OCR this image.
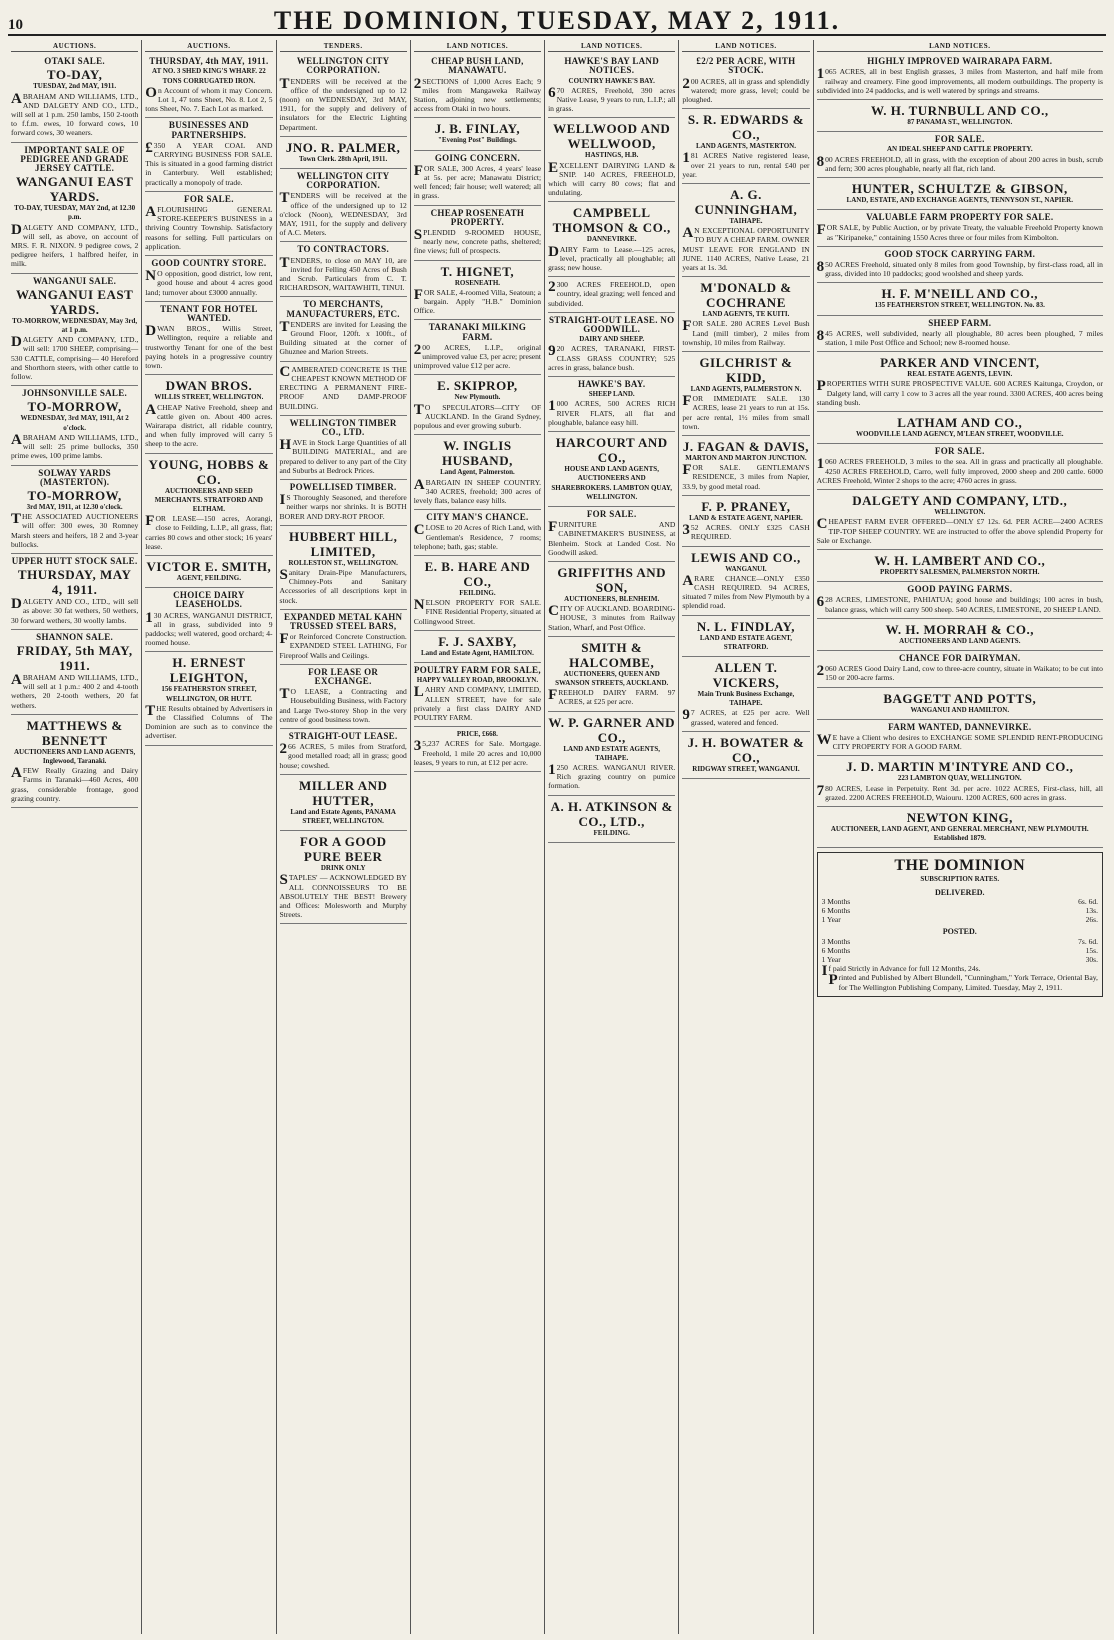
10	THE DOMINION, TUESDAY, MAY 2, 1911.
AUCTIONS.
OTAKI SALE.
TO-DAY,
TUESDAY, 2nd MAY, 1911.
ABRAHAM AND WILLIAMS, LTD., AND DALGETY AND CO., LTD., will sell at 1 p.m. 250 lambs, 150 2-tooth to f.f.m. ewes, 10 forward cows, 10 forward cows, 30 weaners.
IMPORTANT SALE OF PEDIGREE AND GRADE JERSEY CATTLE.
WANGANUI EAST YARDS.
TO-DAY, TUESDAY, MAY 2nd, at 12.30 p.m.
DALGETY AND COMPANY, LTD., will sell, as above, on account of MRS. F. R. NIXON. 9 pedigree cows, 2 pedigree heifers, 1 halfbred heifer, in milk.
WANGANUI SALE.
WANGANUI EAST YARDS.
TO-MORROW, WEDNESDAY, May 3rd, at 1 p.m.
DALGETY AND COMPANY, LTD., will sell: 1700 SHEEP, comprising— 530 CATTLE, comprising— 40 Hereford and Shorthorn steers, with other cattle to follow.
JOHNSONVILLE SALE.
TO-MORROW,
WEDNESDAY, 3rd MAY, 1911, At 2 o'clock.
ABRAHAM AND WILLIAMS, LTD., will sell: 25 prime bullocks, 350 prime ewes, 100 prime lambs.
SOLWAY YARDS (MASTERTON).
TO-MORROW,
3rd MAY, 1911, at 12.30 o'clock.
THE ASSOCIATED AUCTIONEERS will offer: 300 ewes, 30 Romney Marsh steers and heifers, 18 2 and 3-year bullocks.
UPPER HUTT STOCK SALE.
THURSDAY, MAY 4, 1911.
DALGETY AND CO., LTD., will sell as above: 30 fat wethers, 50 wethers, 30 forward wethers, 30 woolly lambs.
SHANNON SALE.
FRIDAY, 5th MAY, 1911.
ABRAHAM AND WILLIAMS, LTD., will sell at 1 p.m.: 400 2 and 4-tooth wethers, 20 2-tooth wethers, 20 fat wethers.
MATTHEWS & BENNETT
AUCTIONEERS AND LAND AGENTS, Inglewood, Taranaki.
AFEW Really Grazing and Dairy Farms in Taranaki—460 Acres, 400 grass, considerable frontage, good grazing country.
AUCTIONS.
THURSDAY, 4th MAY, 1911.
AT NO. 3 SHED KING'S WHARF. 22 TONS CORRUGATED IRON.
On Account of whom it may Concern. Lot 1, 47 tons Sheet, No. 8. Lot 2, 5 tons Sheet, No. 7. Each Lot as marked.
BUSINESSES AND PARTNERSHIPS.
£350 A YEAR COAL AND CARRYING BUSINESS FOR SALE. This is situated in a good farming district in Canterbury. Well established; practically a monopoly of trade.
FOR SALE.
AFLOURISHING GENERAL STORE-KEEPER'S BUSINESS in a thriving Country Township. Satisfactory reasons for selling. Full particulars on application.
GOOD COUNTRY STORE.
NO opposition, good district, low rent, good house and about 4 acres good land; turnover about £3000 annually.
TENANT FOR HOTEL WANTED.
DWAN BROS., Willis Street, Wellington, require a reliable and trustworthy Tenant for one of the best paying hotels in a progressive country town.
DWAN BROS.
WILLIS STREET, WELLINGTON.
ACHEAP Native Freehold, sheep and cattle given on. About 400 acres. Wairarapa district, all ridable country, and when fully improved will carry 5 sheep to the acre.
YOUNG, HOBBS & CO.
AUCTIONEERS AND SEED MERCHANTS. STRATFORD AND ELTHAM.
FOR LEASE—150 acres, Aorangi, close to Feilding, L.I.P., all grass, flat; carries 80 cows and other stock; 16 years' lease.
VICTOR E. SMITH,
AGENT, FEILDING.
CHOICE DAIRY LEASEHOLDS.
130 ACRES, WANGANUI DISTRICT, all in grass, subdivided into 9 paddocks; well watered, good orchard; 4-roomed house.
H. ERNEST LEIGHTON,
156 FEATHERSTON STREET, WELLINGTON, OR HUTT.
THE Results obtained by Advertisers in the Classified Columns of The Dominion are such as to convince the advertiser.
TENDERS.
WELLINGTON CITY CORPORATION.
TENDERS will be received at the office of the undersigned up to 12 (noon) on WEDNESDAY, 3rd MAY, 1911, for the supply and delivery of insulators for the Electric Lighting Department.
JNO. R. PALMER,
Town Clerk. 28th April, 1911.
WELLINGTON CITY CORPORATION.
TENDERS will be received at the office of the undersigned up to 12 o'clock (Noon), WEDNESDAY, 3rd MAY, 1911, for the supply and delivery of A.C. Meters.
TO CONTRACTORS.
TENDERS, to close on MAY 10, are invited for Felling 450 Acres of Bush and Scrub. Particulars from C. T. RICHARDSON, WAITAWHITI, TINUI.
TO MERCHANTS, MANUFACTURERS, ETC.
TENDERS are invited for Leasing the Ground Floor, 120ft. x 100ft., of Building situated at the corner of Ghuznee and Marion Streets.
CAMBERATED CONCRETE IS THE CHEAPEST KNOWN METHOD OF ERECTING A PERMANENT FIRE-PROOF AND DAMP-PROOF BUILDING.
WELLINGTON TIMBER CO., LTD.
HAVE in Stock Large Quantities of all BUILDING MATERIAL, and are prepared to deliver to any part of the City and Suburbs at Bedrock Prices.
POWELLISED TIMBER.
IS Thoroughly Seasoned, and therefore neither warps nor shrinks. It is BOTH BORER AND DRY-ROT PROOF.
HUBBERT HILL, LIMITED,
ROLLESTON ST., WELLINGTON.
Sanitary Drain-Pipe Manufacturers, Chimney-Pots and Sanitary Accessories of all descriptions kept in stock.
EXPANDED METAL KAHN TRUSSED STEEL BARS,
For Reinforced Concrete Construction. EXPANDED STEEL LATHING, For Fireproof Walls and Ceilings.
FOR LEASE OR EXCHANGE.
TO LEASE, a Contracting and Housebuilding Business, with Factory and Large Two-storey Shop in the very centre of good business town.
STRAIGHT-OUT LEASE.
266 ACRES, 5 miles from Stratford, good metalled road; all in grass; good house; cowshed.
MILLER AND HUTTER,
Land and Estate Agents, PANAMA STREET, WELLINGTON.
FOR A GOOD PURE BEER
DRINK ONLY
STAPLES' — ACKNOWLEDGED BY ALL CONNOISSEURS TO BE ABSOLUTELY THE BEST! Brewery and Offices: Molesworth and Murphy Streets.
LAND NOTICES.
CHEAP BUSH LAND, MANAWATU.
2SECTIONS of 1,000 Acres Each; 9 miles from Mangaweka Railway Station, adjoining new settlements; access from Otaki in two hours.
J. B. FINLAY,
"Evening Post" Buildings.
GOING CONCERN.
FOR SALE, 300 Acres, 4 years' lease at 5s. per acre; Manawatu District; well fenced; fair house; well watered; all in grass.
CHEAP ROSENEATH PROPERTY.
SPLENDID 9-ROOMED HOUSE, nearly new, concrete paths, sheltered; fine views; full of prospects.
T. HIGNET,
ROSENEATH.
FOR SALE, 4-roomed Villa, Seatoun; a bargain. Apply "H.B." Dominion Office.
TARANAKI MILKING FARM.
200 ACRES, L.I.P., original unimproved value £3, per acre; present unimproved value £12 per acre.
E. SKIPROP,
New Plymouth.
TO SPECULATORS—CITY OF AUCKLAND. In the Grand Sydney, populous and ever growing suburb.
W. INGLIS HUSBAND,
Land Agent, Palmerston.
ABARGAIN IN SHEEP COUNTRY. 340 ACRES, freehold; 300 acres of levely flats, balance easy hills.
CITY MAN'S CHANCE.
CLOSE to 20 Acres of Rich Land, with Gentleman's Residence, 7 rooms; telephone; bath, gas; stable.
E. B. HARE AND CO.,
FEILDING.
NELSON PROPERTY FOR SALE. FINE Residential Property, situated at Collingwood Street.
F. J. SAXBY,
Land and Estate Agent, HAMILTON.
POULTRY FARM FOR SALE,
HAPPY VALLEY ROAD, BROOKLYN.
LAHRY AND COMPANY, LIMITED, ALLEN STREET, have for sale privately a first class DAIRY AND POULTRY FARM.
PRICE, £668.
35,237 ACRES for Sale. Mortgage. Freehold, 1 mile 20 acres and 10,000 leases, 9 years to run, at £12 per acre.
LAND NOTICES.
HAWKE'S BAY LAND NOTICES.
COUNTRY HAWKE'S BAY.
670 ACRES, Freehold, 390 acres Native Lease, 9 years to run, L.I.P.; all in grass.
WELLWOOD AND WELLWOOD,
HASTINGS, H.B.
EXCELLENT DAIRYING LAND & SNIP. 140 ACRES, FREEHOLD, which will carry 80 cows; flat and undulating.
CAMPBELL THOMSON & CO.,
DANNEVIRKE.
DAIRY Farm to Lease.—125 acres, level, practically all ploughable; all grass; new house.
2300 ACRES FREEHOLD, open country, ideal grazing; well fenced and subdivided.
STRAIGHT-OUT LEASE. NO GOODWILL.
DAIRY AND SHEEP.
920 ACRES, TARANAKI, FIRST-CLASS GRASS COUNTRY; 525 acres in grass, balance bush.
HAWKE'S BAY.
SHEEP LAND.
1000 ACRES, 500 ACRES RICH RIVER FLATS, all flat and ploughable, balance easy hill.
HARCOURT AND CO.,
HOUSE AND LAND AGENTS, AUCTIONEERS AND SHAREBROKERS. LAMBTON QUAY, WELLINGTON.
FOR SALE.
FURNITURE AND CABINETMAKER'S BUSINESS, at Blenheim. Stock at Landed Cost. No Goodwill asked.
GRIFFITHS AND SON,
AUCTIONEERS, BLENHEIM.
CITY OF AUCKLAND. BOARDING-HOUSE, 3 minutes from Railway Station, Wharf, and Post Office.
SMITH & HALCOMBE,
AUCTIONEERS, QUEEN AND SWANSON STREETS, AUCKLAND.
FREEHOLD DAIRY FARM. 97 ACRES, at £25 per acre.
W. P. GARNER AND CO.,
LAND AND ESTATE AGENTS, TAIHAPE.
1250 ACRES. WANGANUI RIVER. Rich grazing country on pumice formation.
A. H. ATKINSON & CO., LTD.,
FEILDING.
LAND NOTICES.
£2/2 PER ACRE, WITH STOCK.
200 ACRES, all in grass and splendidly watered; more grass, level; could be ploughed.
S. R. EDWARDS & CO.,
LAND AGENTS, MASTERTON.
181 ACRES Native registered lease, over 21 years to run, rental £40 per year.
A. G. CUNNINGHAM,
TAIHAPE.
AN EXCEPTIONAL OPPORTUNITY TO BUY A CHEAP FARM. OWNER MUST LEAVE FOR ENGLAND IN JUNE. 1140 ACRES, Native Lease, 21 years at 1s. 3d.
M'DONALD & COCHRANE
LAND AGENTS, TE KUITI.
FOR SALE. 280 ACRES Level Bush Land (mill timber), 2 miles from township, 10 miles from Railway.
GILCHRIST & KIDD,
LAND AGENTS, PALMERSTON N.
FOR IMMEDIATE SALE. 130 ACRES, lease 21 years to run at 15s. per acre rental, 1½ miles from small town.
J. FAGAN & DAVIS,
MARTON AND MARTON JUNCTION.
FOR SALE. GENTLEMAN'S RESIDENCE, 3 miles from Napier, 33.9, by good metal road.
F. P. PRANEY,
LAND & ESTATE AGENT, NAPIER.
352 ACRES. ONLY £325 CASH REQUIRED.
LEWIS AND CO.,
WANGANUI.
ARARE CHANCE—ONLY £350 CASH REQUIRED. 94 ACRES, situated 7 miles from New Plymouth by a splendid road.
N. L. FINDLAY,
LAND AND ESTATE AGENT, STRATFORD.
ALLEN T. VICKERS,
Main Trunk Business Exchange, TAIHAPE.
97 ACRES, at £25 per acre. Well grassed, watered and fenced.
J. H. BOWATER & CO.,
RIDGWAY STREET, WANGANUI.
LAND NOTICES.
HIGHLY IMPROVED WAIRARAPA FARM.
1065 ACRES, all in best English grasses, 3 miles from Masterton, and half mile from railway and creamery. Fine good improvements, all modern outbuildings. The property is subdivided into 24 paddocks, and is well watered by springs and streams.
W. H. TURNBULL AND CO.,
87 PANAMA ST., WELLINGTON.
FOR SALE.
AN IDEAL SHEEP AND CATTLE PROPERTY.
800 ACRES FREEHOLD, all in grass, with the exception of about 200 acres in bush, scrub and fern; 300 acres ploughable, nearly all flat, rich land.
HUNTER, SCHULTZE & GIBSON,
LAND, ESTATE, AND EXCHANGE AGENTS, TENNYSON ST., NAPIER.
VALUABLE FARM PROPERTY FOR SALE.
FOR SALE, by Public Auction, or by private Treaty, the valuable Freehold Property known as "Kiripaneke," containing 1550 Acres three or four miles from Kimbolton.
GOOD STOCK CARRYING FARM.
850 ACRES Freehold, situated only 8 miles from good Township, by first-class road, all in grass, divided into 10 paddocks; good woolshed and sheep yards.
H. F. M'NEILL AND CO.,
135 FEATHERSTON STREET, WELLINGTON. No. 83.
SHEEP FARM.
845 ACRES, well subdivided, nearly all ploughable, 80 acres been ploughed, 7 miles station, 1 mile Post Office and School; new 8-roomed house.
PARKER AND VINCENT,
REAL ESTATE AGENTS, LEVIN.
PROPERTIES WITH SURE PROSPECTIVE VALUE. 600 ACRES Kaitunga, Croydon, or Dalgety land, will carry 1 cow to 3 acres all the year round. 3300 ACRES, 400 acres being standing bush.
LATHAM AND CO.,
WOODVILLE LAND AGENCY, M'LEAN STREET, WOODVILLE.
FOR SALE.
1060 ACRES FREEHOLD, 3 miles to the sea. All in grass and practically all ploughable. 4250 ACRES FREEHOLD, Carro, well fully improved, 2000 sheep and 200 cattle. 6000 ACRES Freehold, Winter 2 shops to the acre; 4760 acres in grass.
DALGETY AND COMPANY, LTD.,
WELLINGTON.
CHEAPEST FARM EVER OFFERED—ONLY £7 12s. 6d. PER ACRE—2400 ACRES TIP-TOP SHEEP COUNTRY. WE are instructed to offer the above splendid Property for Sale or Exchange.
W. H. LAMBERT AND CO.,
PROPERTY SALESMEN, PALMERSTON NORTH.
GOOD PAYING FARMS.
628 ACRES, LIMESTONE, PAHIATUA; good house and buildings; 100 acres in bush, balance grass, which will carry 500 sheep. 540 ACRES, LIMESTONE, 20 SHEEP LAND.
W. H. MORRAH & CO.,
AUCTIONEERS AND LAND AGENTS.
CHANCE FOR DAIRYMAN.
2060 ACRES Good Dairy Land, cow to three-acre country, situate in Waikato; to be cut into 150 or 200-acre farms.
BAGGETT AND POTTS,
WANGANUI AND HAMILTON.
FARM WANTED, DANNEVIRKE.
WE have a Client who desires to EXCHANGE SOME SPLENDID RENT-PRODUCING CITY PROPERTY FOR A GOOD FARM.
J. D. MARTIN M'INTYRE AND CO.,
223 LAMBTON QUAY, WELLINGTON.
780 ACRES, Lease in Perpetuity. Rent 3d. per acre. 1022 ACRES, First-class, hill, all grazed. 2200 ACRES FREEHOLD, Waiouru. 1200 ACRES, 600 acres in grass.
NEWTON KING,
AUCTIONEER, LAND AGENT, AND GENERAL MERCHANT, NEW PLYMOUTH. Established 1879.
THE DOMINION
SUBSCRIPTION RATES.
DELIVERED.
3 Months	6s. 6d.
6 Months	13s.
1 Year	26s.
POSTED.
3 Months	7s. 6d.
6 Months	15s.
1 Year	30s.
If paid Strictly in Advance for full 12 Months, 24s.
Printed and Published by Albert Blundell, "Cunningham," York Terrace, Oriental Bay, for The Wellington Publishing Company, Limited. Tuesday, May 2, 1911.
